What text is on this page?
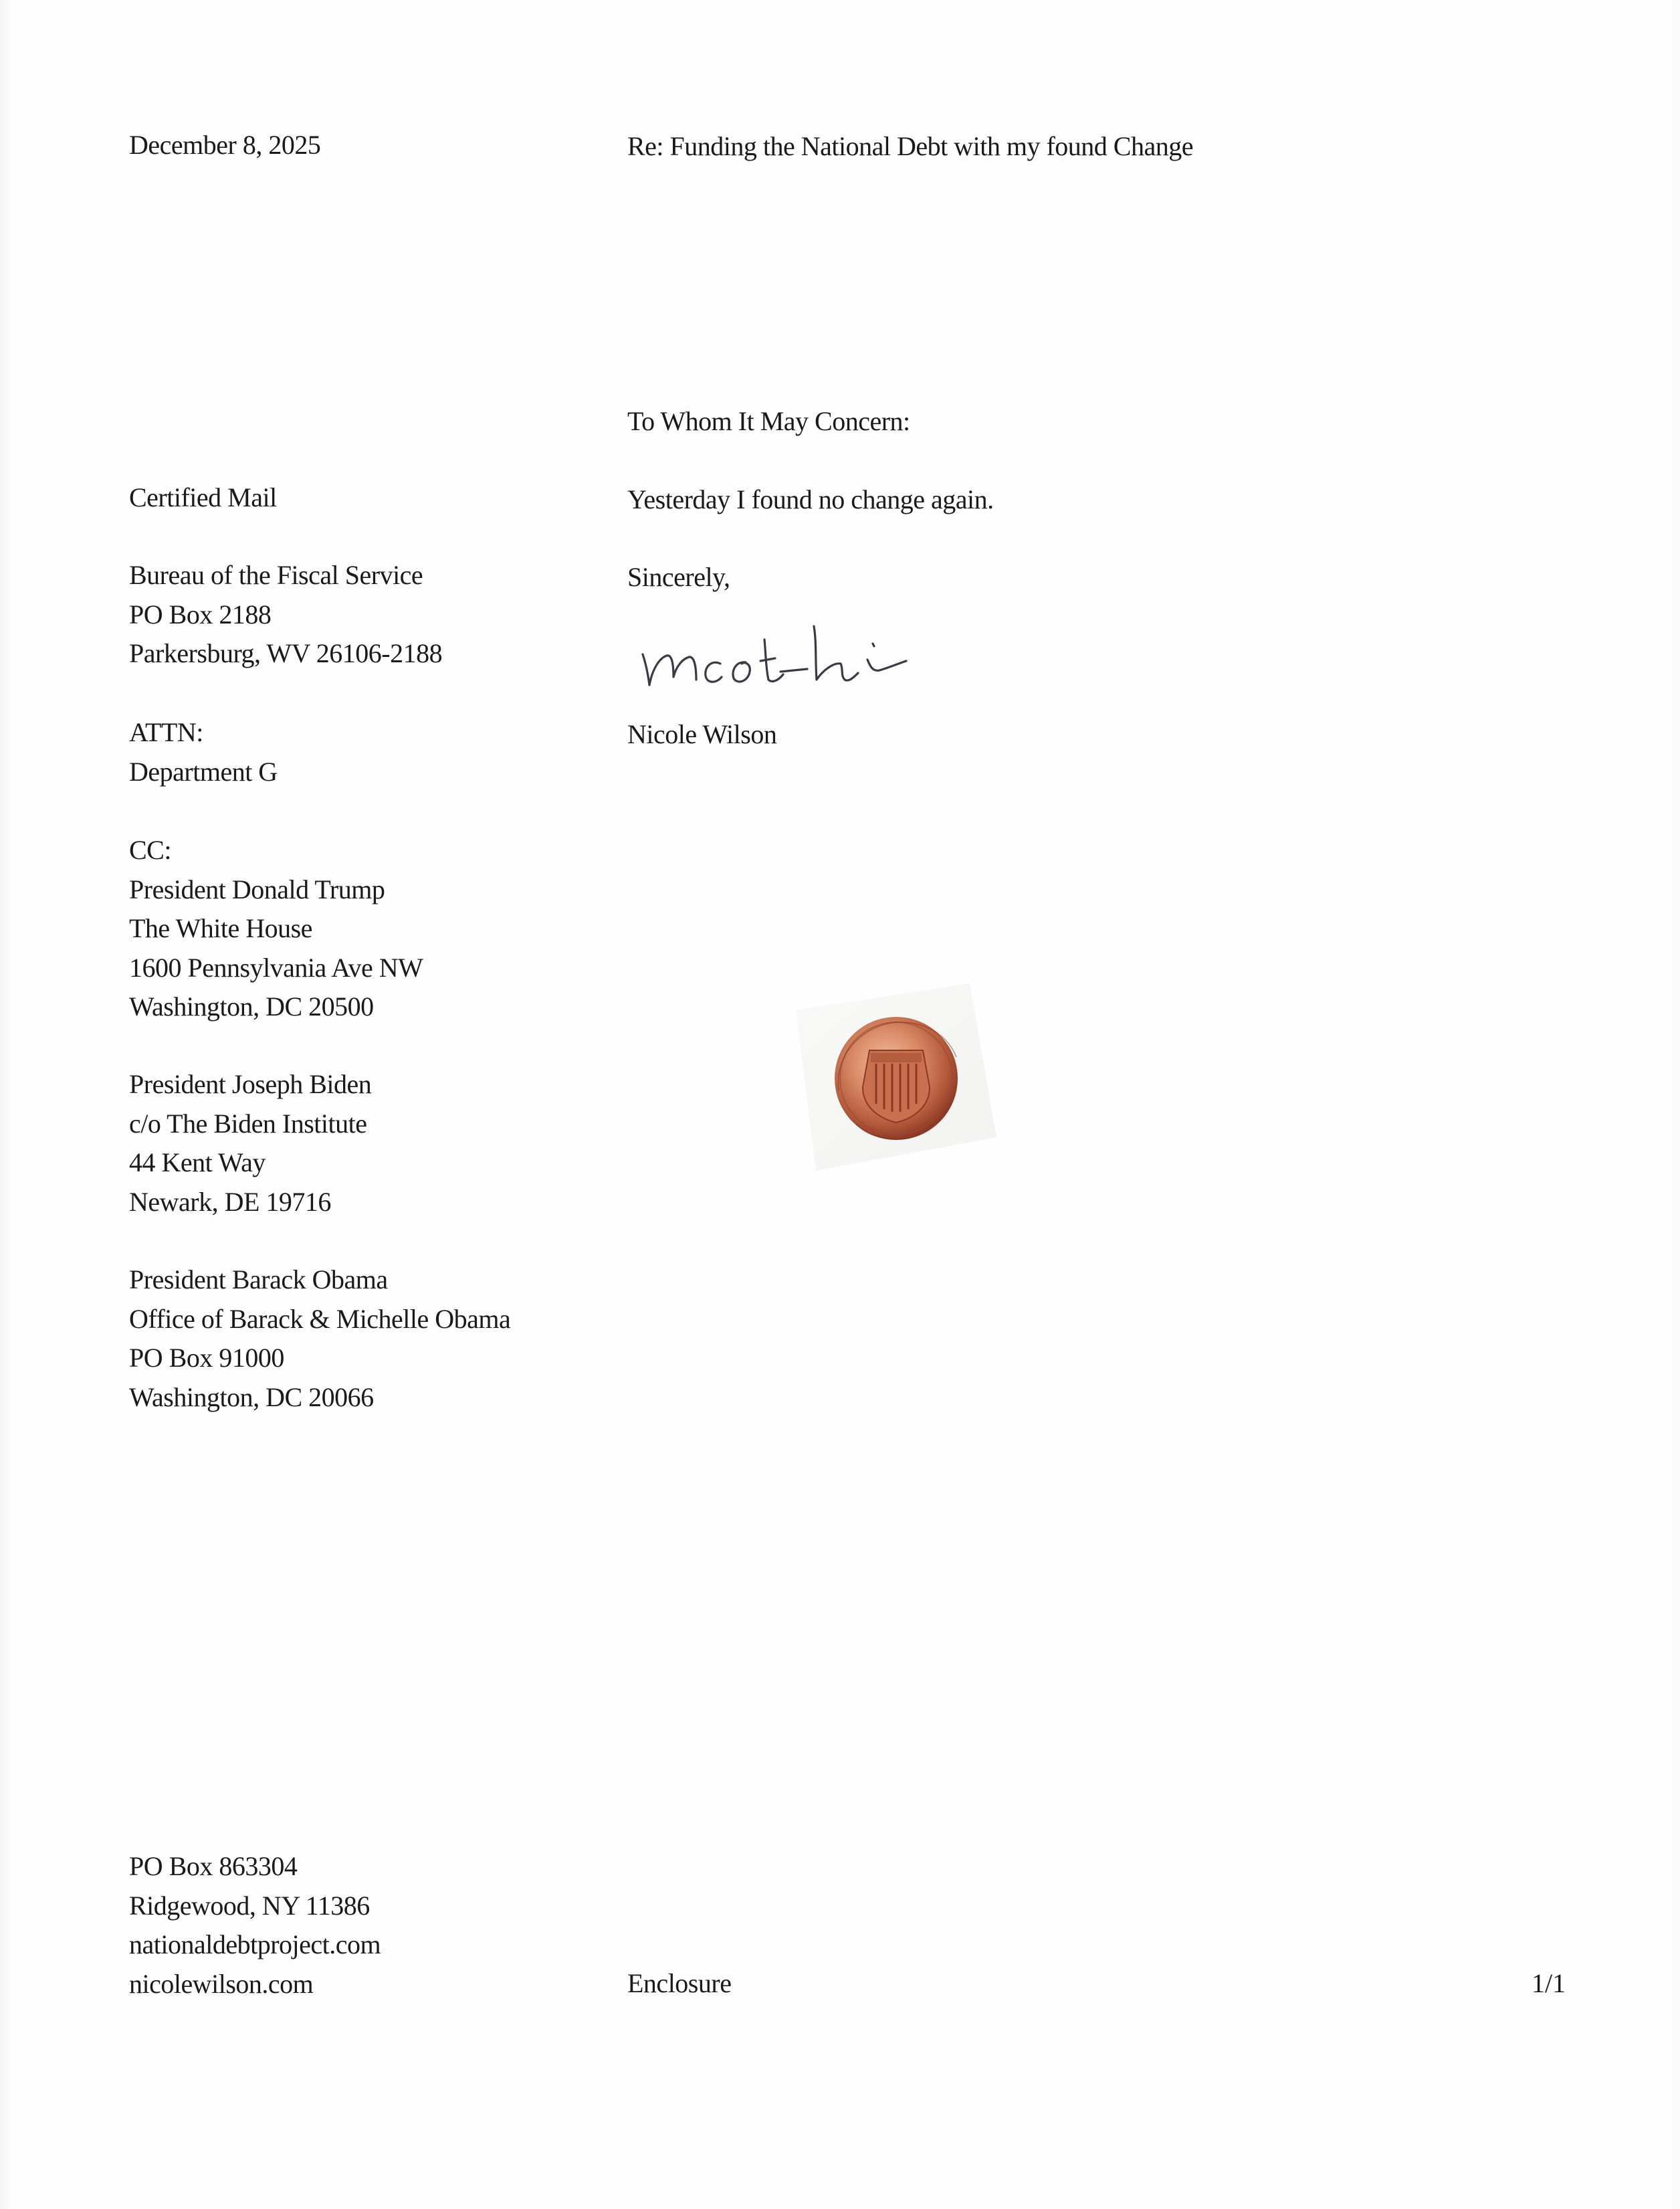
December 8, 2025	Re: Funding the National Debt with my found Change
To Whom It May Concern:
Yesterday I found no change again.
Sincerely,
Nicole Wilson
Certified Mail
Bureau of the Fiscal Service
PO Box 2188
Parkersburg, WV 26106-2188
ATTN:
Department G
CC:
President Donald Trump
The White House
1600 Pennsylvania Ave NW
Washington, DC 20500
President Joseph Biden
c/o The Biden Institute
44 Kent Way
Newark, DE 19716
President Barack Obama
Office of Barack & Michelle Obama
PO Box 91000
Washington, DC 20066
PO Box 863304
Ridgewood, NY 11386
nationaldebtproject.com
nicolewilson.com	Enclosure	1/1
